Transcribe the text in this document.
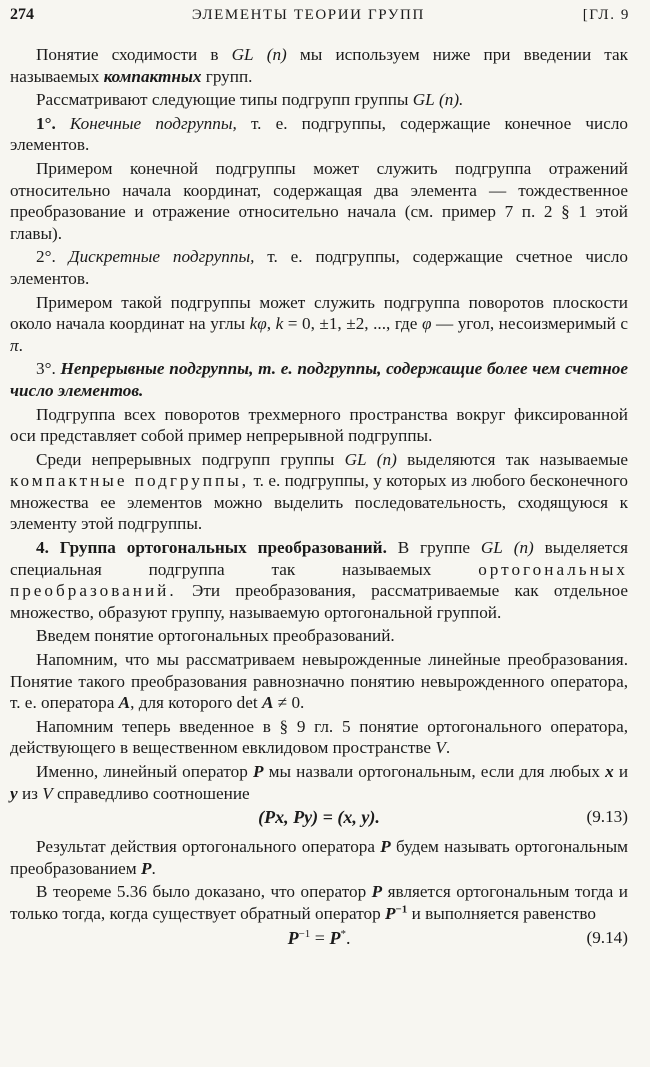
274	ЭЛЕМЕНТЫ ТЕОРИИ ГРУПП	[ГЛ. 9

Понятие сходимости в GL (n) мы используем ниже при введении так называемых компактных групп.

Рассматривают следующие типы подгрупп группы GL (n).

1°. Конечные подгруппы, т. е. подгруппы, содержащие конечное число элементов.

Примером конечной подгруппы может служить подгруппа отражений относительно начала координат, содержащая два элемента — тождественное преобразование и отражение относительно начала (см. пример 7 п. 2 § 1 этой главы).

2°. Дискретные подгруппы, т. е. подгруппы, содержащие счетное число элементов.

Примером такой подгруппы может служить подгруппа поворотов плоскости около начала координат на углы kφ, k = 0, ±1, ±2, ..., где φ — угол, несоизмеримый с π.

3°. Непрерывные подгруппы, т. е. подгруппы, содержащие более чем счетное число элементов.

Подгруппа всех поворотов трехмерного пространства вокруг фиксированной оси представляет собой пример непрерывной подгруппы.

Среди непрерывных подгрупп группы GL (n) выделяются так называемые компактные подгруппы, т. е. подгруппы, у которых из любого бесконечного множества ее элементов можно выделить последовательность, сходящуюся к элементу этой подгруппы.

4. Группа ортогональных преобразований. В группе GL (n) выделяется специальная подгруппа так называемых ортогональных преобразований. Эти преобразования, рассматриваемые как отдельное множество, образуют группу, называемую ортогональной группой.

Введем понятие ортогональных преобразований.

Напомним, что мы рассматриваем невырожденные линейные преобразования. Понятие такого преобразования равнозначно понятию невырожденного оператора, т. е. оператора A, для которого det A ≠ 0.

Напомним теперь введенное в § 9 гл. 5 понятие ортогонального оператора, действующего в вещественном евклидовом пространстве V.

Именно, линейный оператор P мы назвали ортогональным, если для любых x и y из V справедливо соотношение

(Px, Py) = (x, y).	(9.13)

Результат действия ортогонального оператора P будем называть ортогональным преобразованием P.

В теореме 5.36 было доказано, что оператор P является ортогональным тогда и только тогда, когда существует обратный оператор $P^{-1}$ и выполняется равенство

$P^{-1} = P^*$.	(9.14)
